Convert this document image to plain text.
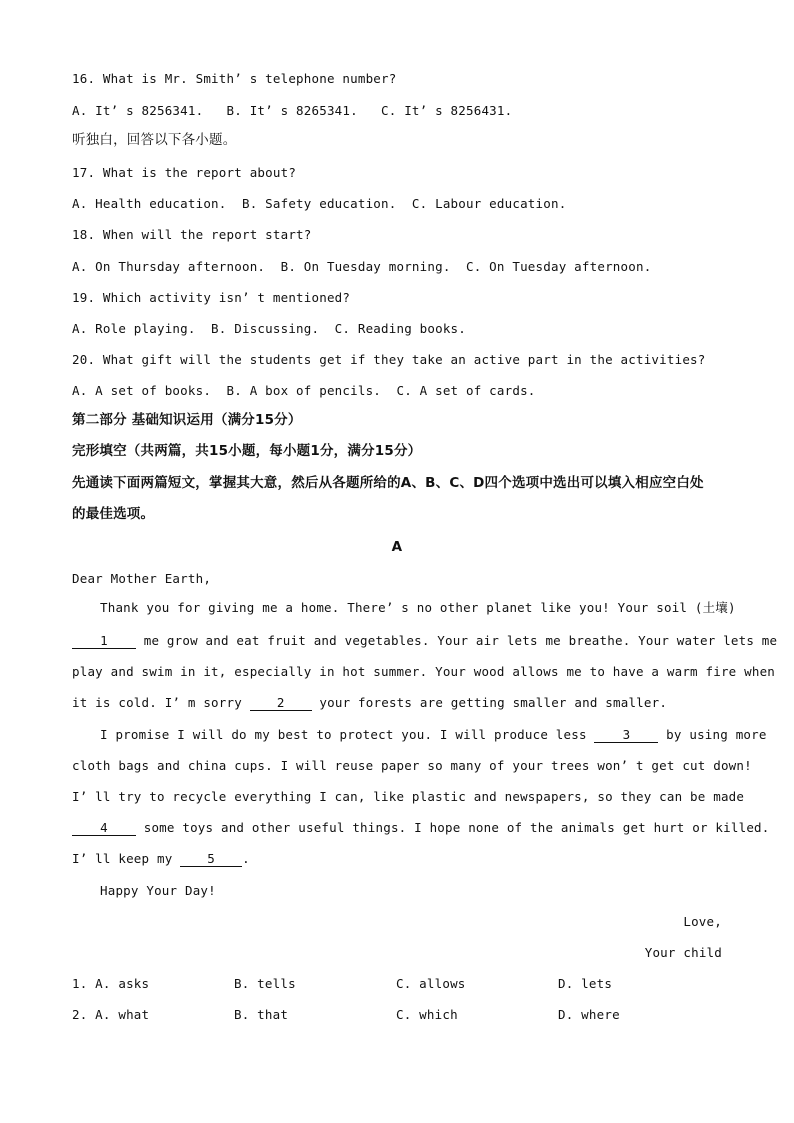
16. What is Mr. Smith’ s telephone number?
A. It’ s 8256341.   B. It’ s 8265341.   C. It’ s 8256431.
听独白，回答以下各小题。
17. What is the report about?
A. Health education.  B. Safety education.  C. Labour education.
18. When will the report start?
A. On Thursday afternoon.  B. On Tuesday morning.  C. On Tuesday afternoon.
19. Which activity isn’ t mentioned?
A. Role playing.  B. Discussing.  C. Reading books.
20. What gift will the students get if they take an active part in the activities?
A. A set of books.  B. A box of pencils.  C. A set of cards.
第二部分 基础知识运用（满分15分）
完形填空（共两篇，共15小题，每小题1分，满分15分）
先通读下面两篇短文，掌握其大意，然后从各题所给的A、B、C、D四个选项中选出可以填入相应空白处
的最佳选项。
A
Dear Mother Earth,
Thank you for giving me a home. There’ s no other planet like you! Your soil (土壤)
1 me grow and eat fruit and vegetables. Your air lets me breathe. Your water lets me
play and swim in it, especially in hot summer. Your wood allows me to have a warm fire when
it is cold. I’ m sorry 2 your forests are getting smaller and smaller.
I promise I will do my best to protect you. I will produce less 3 by using more
cloth bags and china cups. I will reuse paper so many of your trees won’ t get cut down!
I’ ll try to recycle everything I can, like plastic and newspapers, so they can be made
4 some toys and other useful things. I hope none of the animals get hurt or killed.
I’ ll keep my 5 .
Happy Your Day!
Love,
Your child
1. A. asks	B. tells	C. allows	D. lets
2. A. what	B. that	C. which	D. where
